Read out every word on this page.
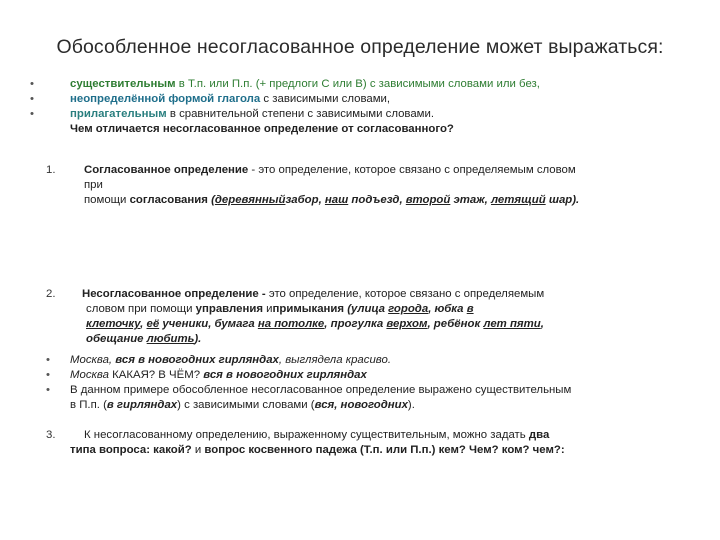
Обособленное несогласованное определение может выражаться:
•	существительным в Т.п. или П.п. (+ предлоги С или В) с зависимыми словами или без,
•	неопределённой формой глагола с зависимыми словами,
•	прилагательным в сравнительной степени с зависимыми словами.
Чем отличается несогласованное определение от согласованного?
1.	Согласованное определение - это определение, которое связано с определяемым словом
при
помощи согласования (деревянныйзабор, наш подъезд, второй этаж, летящий шар).
2. Несогласованное определение - это определение, которое связано с определяемым
словом при помощи управления ипримыкания (улица города, юбка в
клеточку, её ученики, бумага на потолке, прогулка верхом, ребёнок лет пяти,
обещание любить).
3.	К несогласованному определению, выраженному существительным, можно задать два
типа вопроса: какой? и вопрос косвенного падежа (Т.п. или П.п.) кем? Чем? ком? чем?:
• Москва, вся в новогодних гирляндах, выглядела красиво.
• Москва КАКАЯ? В ЧЁМ? вся в новогодних гирляндах
• В данном примере обособленное несогласованное определение выражено существительным
в П.п. (в гирляндах) с зависимыми словами (вся, новогодних).
